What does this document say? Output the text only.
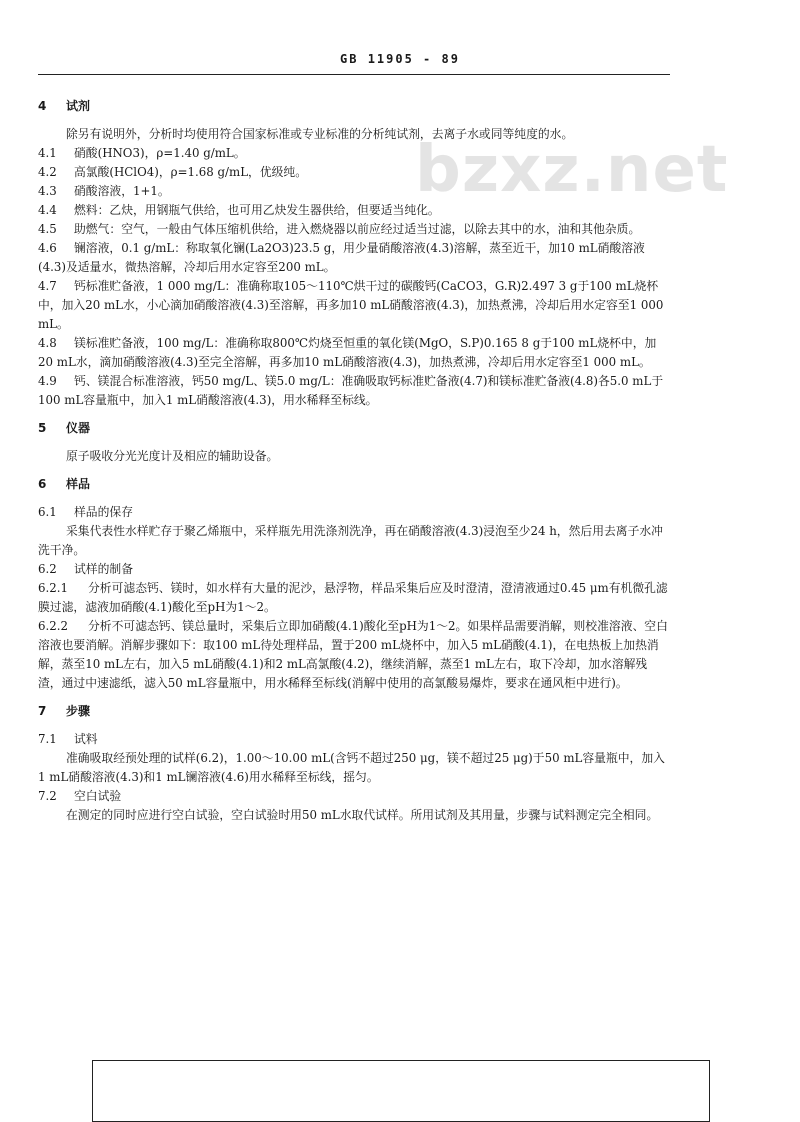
GB 11905 - 89
bzxz.net
4 试剂
除另有说明外，分析时均使用符合国家标准或专业标准的分析纯试剂，去离子水或同等纯度的水。
4.1 硝酸(HNO3)，ρ=1.40 g/mL。
4.2 高氯酸(HClO4)，ρ=1.68 g/mL，优级纯。
4.3 硝酸溶液，1+1。
4.4 燃料：乙炔，用钢瓶气供给，也可用乙炔发生器供给，但要适当纯化。
4.5 助燃气：空气，一般由气体压缩机供给，进入燃烧器以前应经过适当过滤，以除去其中的水，油和其他杂质。
4.6 镧溶液，0.1 g/mL：称取氧化镧(La2O3)23.5 g，用少量硝酸溶液(4.3)溶解，蒸至近干，加10 mL硝酸溶液(4.3)及适量水，微热溶解，冷却后用水定容至200 mL。
4.7 钙标准贮备液，1 000 mg/L：准确称取105～110℃烘干过的碳酸钙(CaCO3，G.R)2.497 3 g于100 mL烧杯中，加入20 mL水，小心滴加硝酸溶液(4.3)至溶解，再多加10 mL硝酸溶液(4.3)，加热煮沸，冷却后用水定容至1 000 mL。
4.8 镁标准贮备液，100 mg/L：准确称取800℃灼烧至恒重的氧化镁(MgO，S.P)0.165 8 g于100 mL烧杯中，加20 mL水，滴加硝酸溶液(4.3)至完全溶解，再多加10 mL硝酸溶液(4.3)，加热煮沸，冷却后用水定容至1 000 mL。
4.9 钙、镁混合标准溶液，钙50 mg/L、镁5.0 mg/L：准确吸取钙标准贮备液(4.7)和镁标准贮备液(4.8)各5.0 mL于100 mL容量瓶中，加入1 mL硝酸溶液(4.3)，用水稀释至标线。
5 仪器
原子吸收分光光度计及相应的辅助设备。
6 样品
6.1 样品的保存
采集代表性水样贮存于聚乙烯瓶中，采样瓶先用洗涤剂洗净，再在硝酸溶液(4.3)浸泡至少24 h，然后用去离子水冲洗干净。
6.2 试样的制备
6.2.1 分析可滤态钙、镁时，如水样有大量的泥沙，悬浮物，样品采集后应及时澄清，澄清液通过0.45 μm有机微孔滤膜过滤，滤液加硝酸(4.1)酸化至pH为1～2。
6.2.2 分析不可滤态钙、镁总量时，采集后立即加硝酸(4.1)酸化至pH为1～2。如果样品需要消解，则校准溶液、空白溶液也要消解。消解步骤如下：取100 mL待处理样品，置于200 mL烧杯中，加入5 mL硝酸(4.1)，在电热板上加热消解，蒸至10 mL左右，加入5 mL硝酸(4.1)和2 mL高氯酸(4.2)，继续消解，蒸至1 mL左右，取下冷却，加水溶解残渣，通过中速滤纸，滤入50 mL容量瓶中，用水稀释至标线(消解中使用的高氯酸易爆炸，要求在通风柜中进行)。
7 步骤
7.1 试料
准确吸取经预处理的试样(6.2)，1.00～10.00 mL(含钙不超过250 μg，镁不超过25 μg)于50 mL容量瓶中，加入1 mL硝酸溶液(4.3)和1 mL镧溶液(4.6)用水稀释至标线，摇匀。
7.2 空白试验
在测定的同时应进行空白试验，空白试验时用50 mL水取代试样。所用试剂及其用量，步骤与试料测定完全相同。
